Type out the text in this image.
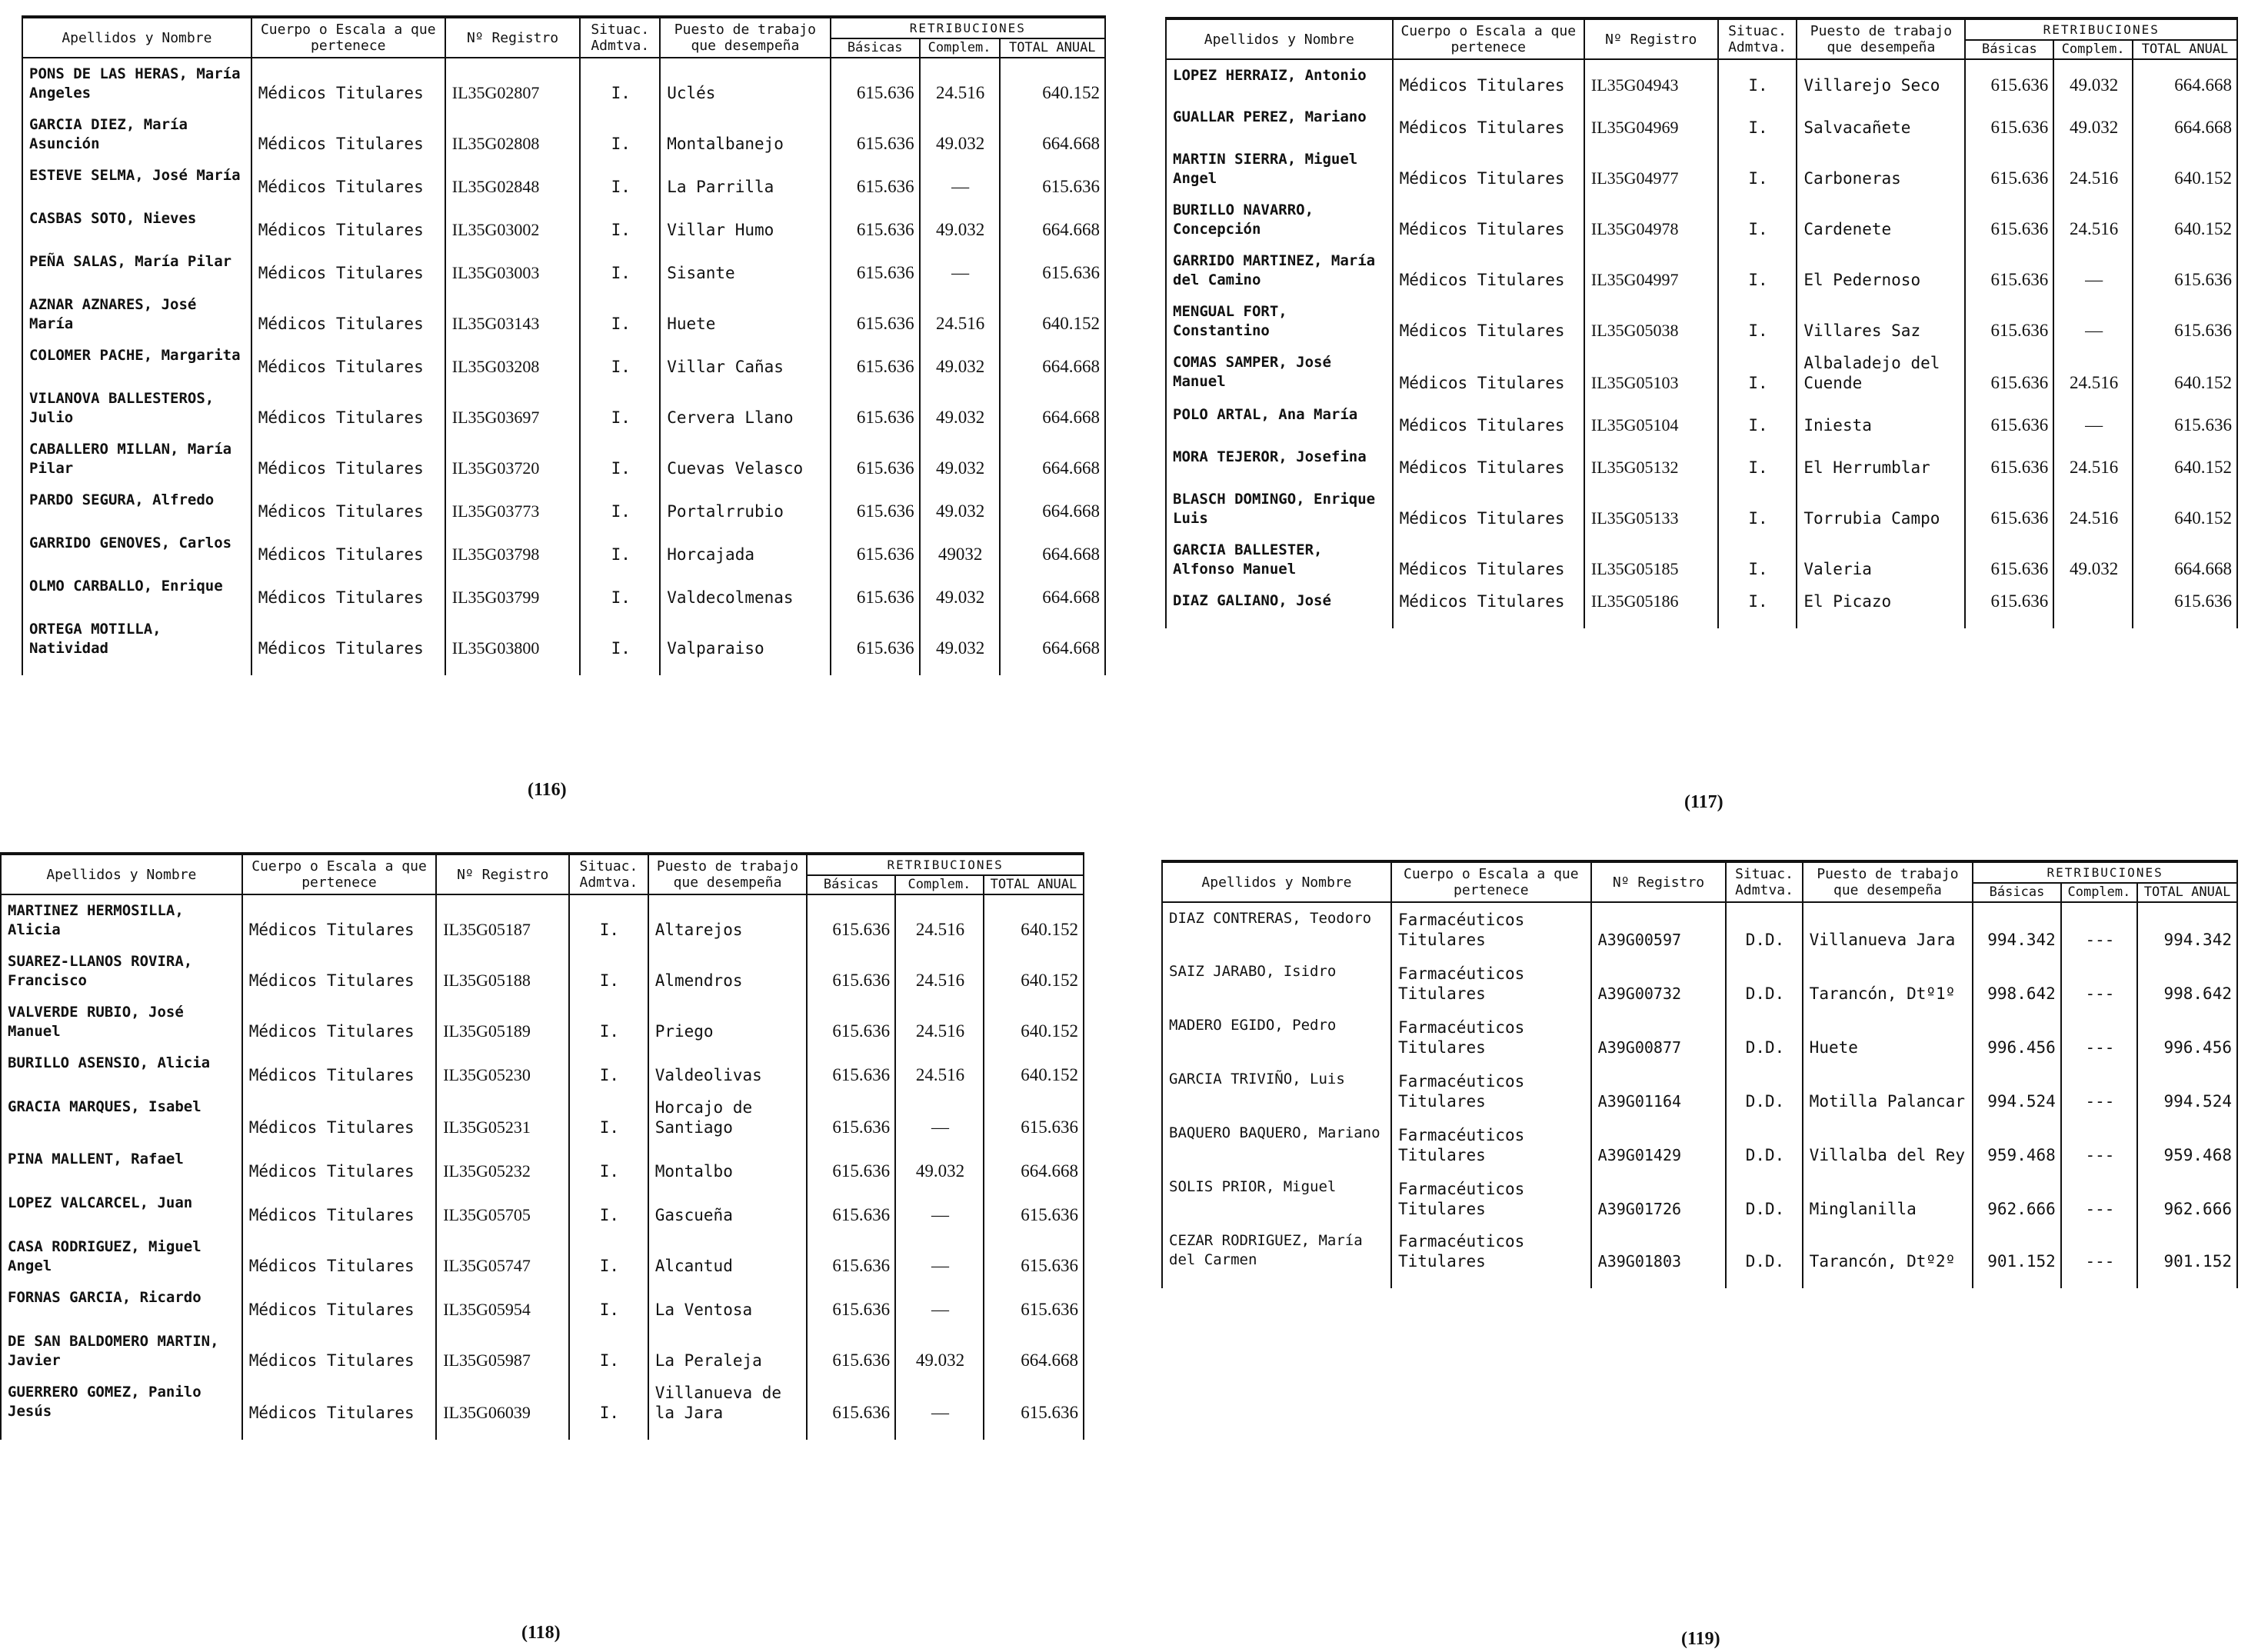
Apellidos y Nombre	Cuerpo o Escala a que pertenece	Nº Registro	Situac. Admtva.	Puesto de trabajo que desempeña	RETRIBUCIONES		
					Básicas	Complem.	TOTAL ANUAL
PONS DE LAS HERAS, María Angeles	Médicos Titulares	IL35G02807	I.	Uclés	615.636	24.516	640.152
GARCIA DIEZ, María Asunción	Médicos Titulares	IL35G02808	I.	Montalbanejo	615.636	49.032	664.668
ESTEVE SELMA, José María	Médicos Titulares	IL35G02848	I.	La Parrilla	615.636	—	615.636
CASBAS SOTO, Nieves	Médicos Titulares	IL35G03002	I.	Villar Humo	615.636	49.032	664.668
PEÑA SALAS, María Pilar	Médicos Titulares	IL35G03003	I.	Sisante	615.636	—	615.636
AZNAR AZNARES, José María	Médicos Titulares	IL35G03143	I.	Huete	615.636	24.516	640.152
COLOMER PACHE, Margarita	Médicos Titulares	IL35G03208	I.	Villar Cañas	615.636	49.032	664.668
VILANOVA BALLESTEROS, Julio	Médicos Titulares	IL35G03697	I.	Cervera Llano	615.636	49.032	664.668
CABALLERO MILLAN, María Pilar	Médicos Titulares	IL35G03720	I.	Cuevas Velasco	615.636	49.032	664.668
PARDO SEGURA, Alfredo	Médicos Titulares	IL35G03773	I.	Portalrrubio	615.636	49.032	664.668
GARRIDO GENOVES, Carlos	Médicos Titulares	IL35G03798	I.	Horcajada	615.636	49032	664.668
OLMO CARBALLO, Enrique	Médicos Titulares	IL35G03799	I.	Valdecolmenas	615.636	49.032	664.668
ORTEGA MOTILLA, Natividad	Médicos Titulares	IL35G03800	I.	Valparaiso	615.636	49.032	664.668
(116)
Apellidos y Nombre	Cuerpo o Escala a que pertenece	Nº Registro	Situac. Admtva.	Puesto de trabajo que desempeña	RETRIBUCIONES		
					Básicas	Complem.	TOTAL ANUAL
LOPEZ HERRAIZ, Antonio	Médicos Titulares	IL35G04943	I.	Villarejo Seco	615.636	49.032	664.668
GUALLAR PEREZ, Mariano	Médicos Titulares	IL35G04969	I.	Salvacañete	615.636	49.032	664.668
MARTIN SIERRA, Miguel Angel	Médicos Titulares	IL35G04977	I.	Carboneras	615.636	24.516	640.152
BURILLO NAVARRO, Concepción	Médicos Titulares	IL35G04978	I.	Cardenete	615.636	24.516	640.152
GARRIDO MARTINEZ, María del Camino	Médicos Titulares	IL35G04997	I.	El Pedernoso	615.636	—	615.636
MENGUAL FORT, Constantino	Médicos Titulares	IL35G05038	I.	Villares Saz	615.636	—	615.636
COMAS SAMPER, José Manuel	Médicos Titulares	IL35G05103	I.	Albaladejo del Cuende	615.636	24.516	640.152
POLO ARTAL, Ana María	Médicos Titulares	IL35G05104	I.	Iniesta	615.636	—	615.636
MORA TEJEROR, Josefina	Médicos Titulares	IL35G05132	I.	El Herrumblar	615.636	24.516	640.152
BLASCH DOMINGO, Enrique Luis	Médicos Titulares	IL35G05133	I.	Torrubia Campo	615.636	24.516	640.152
GARCIA BALLESTER, Alfonso Manuel	Médicos Titulares	IL35G05185	I.	Valeria	615.636	49.032	664.668
DIAZ GALIANO, José	Médicos Titulares	IL35G05186	I.	El Picazo	615.636		615.636
(117)
Apellidos y Nombre	Cuerpo o Escala a que pertenece	Nº Registro	Situac. Admtva.	Puesto de trabajo que desempeña	RETRIBUCIONES		
					Básicas	Complem.	TOTAL ANUAL
MARTINEZ HERMOSILLA, Alicia	Médicos Titulares	IL35G05187	I.	Altarejos	615.636	24.516	640.152
SUAREZ-LLANOS ROVIRA, Francisco	Médicos Titulares	IL35G05188	I.	Almendros	615.636	24.516	640.152
VALVERDE RUBIO, José Manuel	Médicos Titulares	IL35G05189	I.	Priego	615.636	24.516	640.152
BURILLO ASENSIO, Alicia	Médicos Titulares	IL35G05230	I.	Valdeolivas	615.636	24.516	640.152
GRACIA MARQUES, Isabel	Médicos Titulares	IL35G05231	I.	Horcajo de Santiago	615.636	—	615.636
PINA MALLENT, Rafael	Médicos Titulares	IL35G05232	I.	Montalbo	615.636	49.032	664.668
LOPEZ VALCARCEL, Juan	Médicos Titulares	IL35G05705	I.	Gascueña	615.636	—	615.636
CASA RODRIGUEZ, Miguel Angel	Médicos Titulares	IL35G05747	I.	Alcantud	615.636	—	615.636
FORNAS GARCIA, Ricardo	Médicos Titulares	IL35G05954	I.	La Ventosa	615.636	—	615.636
DE SAN BALDOMERO MARTIN, Javier	Médicos Titulares	IL35G05987	I.	La Peraleja	615.636	49.032	664.668
GUERRERO GOMEZ, Panilo Jesús	Médicos Titulares	IL35G06039	I.	Villanueva de la Jara	615.636	—	615.636
(118)
Apellidos y Nombre	Cuerpo o Escala a que pertenece	Nº Registro	Situac. Admtva.	Puesto de trabajo que desempeña	RETRIBUCIONES		
					Básicas	Complem.	TOTAL ANUAL
DIAZ CONTRERAS, Teodoro	Farmacéuticos Titulares	A39G00597	D.D.	Villanueva Jara	994.342	---	994.342
SAIZ JARABO, Isidro	Farmacéuticos Titulares	A39G00732	D.D.	Tarancón, Dtº1º	998.642	---	998.642
MADERO EGIDO, Pedro	Farmacéuticos Titulares	A39G00877	D.D.	Huete	996.456	---	996.456
GARCIA TRIVIÑO, Luis	Farmacéuticos Titulares	A39G01164	D.D.	Motilla Palancar	994.524	---	994.524
BAQUERO BAQUERO, Mariano	Farmacéuticos Titulares	A39G01429	D.D.	Villalba del Rey	959.468	---	959.468
SOLIS PRIOR, Miguel	Farmacéuticos Titulares	A39G01726	D.D.	Minglanilla	962.666	---	962.666
CEZAR RODRIGUEZ, María del Carmen	Farmacéuticos Titulares	A39G01803	D.D.	Tarancón, Dtº2º	901.152	---	901.152
(119)
